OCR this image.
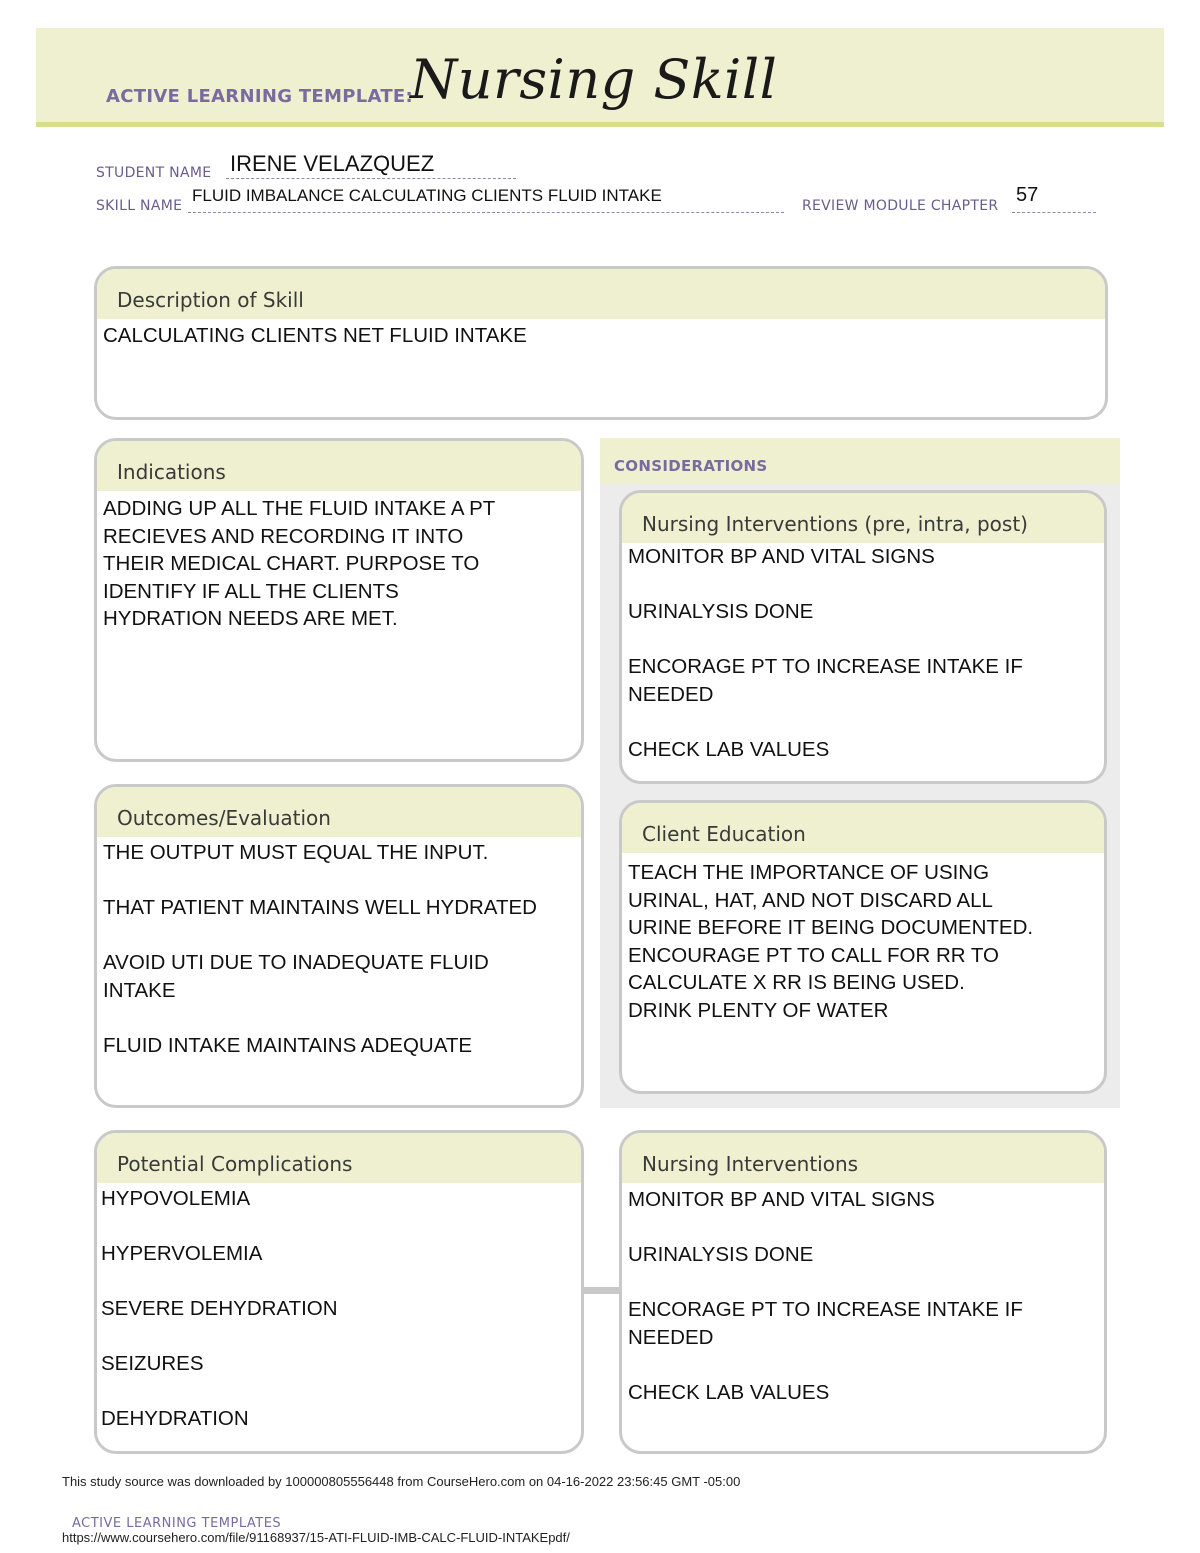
ACTIVE LEARNING TEMPLATE:
Nursing Skill
STUDENT NAME IRENE VELAZQUEZ
SKILL NAME
FLUID IMBALANCE CALCULATING CLIENTS FLUID INTAKE
REVIEW MODULE CHAPTER 57
Description of Skill
CALCULATING CLIENTS NET FLUID INTAKE
Indications

ADDING UP ALL THE FLUID INTAKE A PT

RECIEVES AND RECORDING IT INTO

THEIR MEDICAL CHART. PURPOSE TO

IDENTIFY IF ALL THE CLIENTS

HYDRATION NEEDS ARE MET.

CONSIDERATIONS
Nursing Interventions (pre, intra, post)

MONITOR BP AND VITAL SIGNS

URINALYSIS DONE

ENCORAGE PT TO INCREASE INTAKE IF NEEDED

CHECK LAB VALUES

Client Education

TEACH THE IMPORTANCE OF USING

URINAL, HAT, AND NOT DISCARD ALL

URINE BEFORE IT BEING DOCUMENTED.

ENCOURAGE PT TO CALL FOR RR TO

CALCULATE X RR IS BEING USED.

DRINK PLENTY OF WATER

Outcomes/Evaluation

THE OUTPUT MUST EQUAL THE INPUT.

THAT PATIENT MAINTAINS WELL HYDRATED

AVOID UTI DUE TO INADEQUATE FLUID INTAKE

FLUID INTAKE MAINTAINS ADEQUATE

Potential Complications

HYPOVOLEMIA

HYPERVOLEMIA

SEVERE DEHYDRATION

SEIZURES

DEHYDRATION

Nursing Interventions

MONITOR BP AND VITAL SIGNS

URINALYSIS DONE

ENCORAGE PT TO INCREASE INTAKE IF NEEDED

CHECK LAB VALUES

This study source was downloaded by 100000805556448 from CourseHero.com on 04-16-2022 23:56:45 GMT -05:00
ACTIVE LEARNING TEMPLATES
https://www.coursehero.com/file/91168937/15-ATI-FLUID-IMB-CALC-FLUID-INTAKEpdf/
